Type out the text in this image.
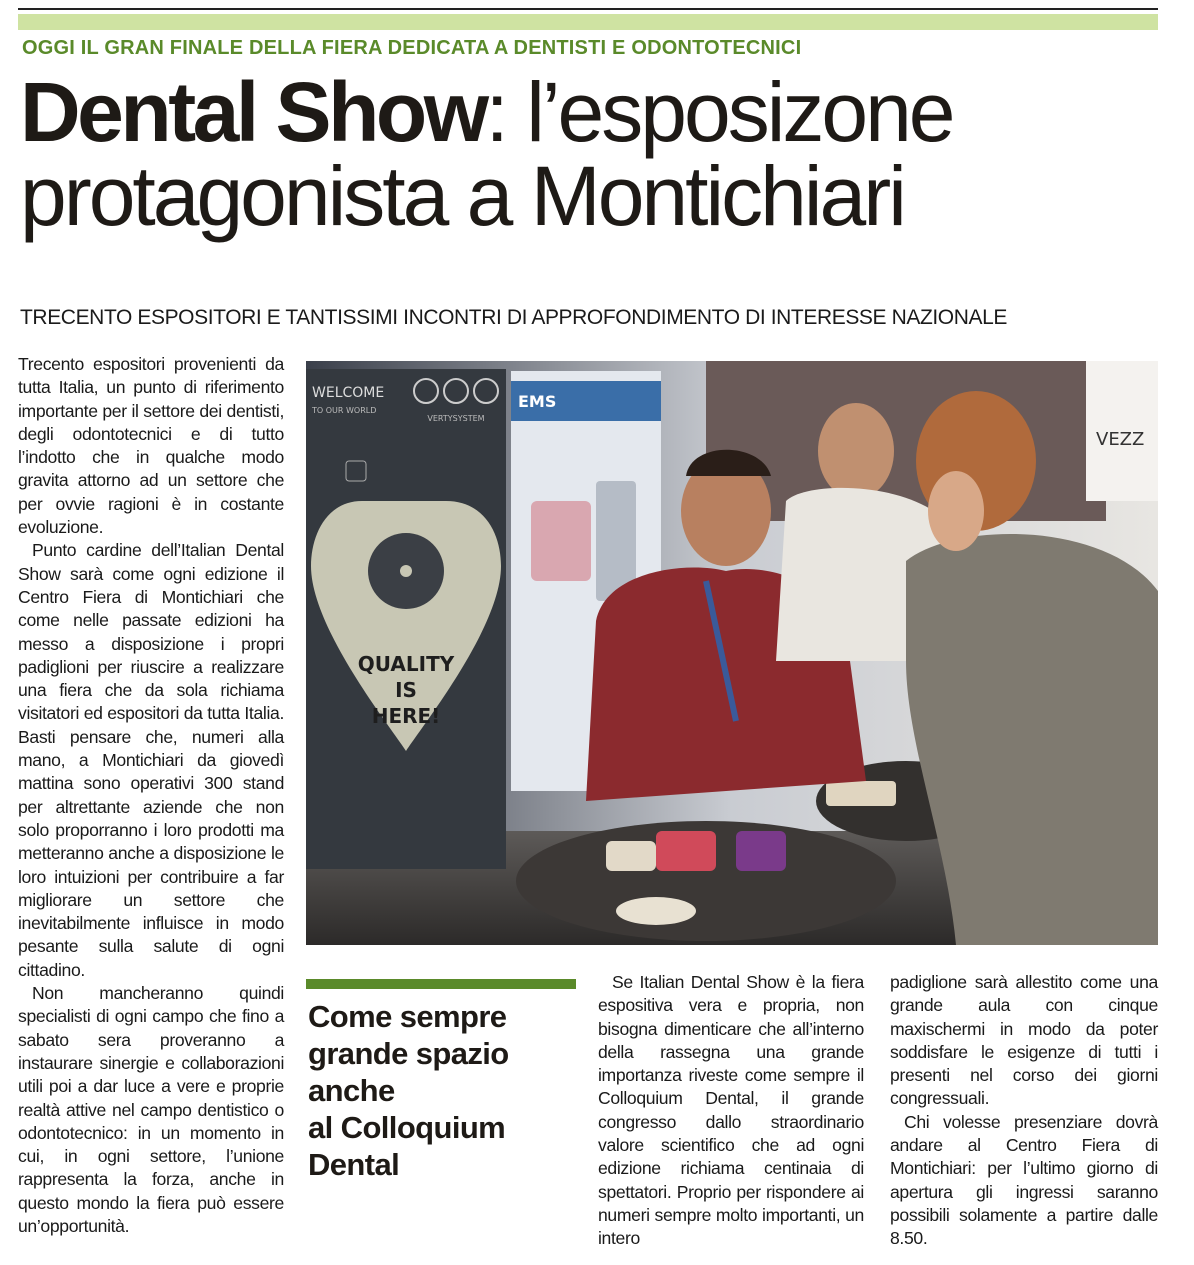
OGGI IL GRAN FINALE DELLA FIERA DEDICATA A DENTISTI E ODONTOTECNICI
Dental Show: l’esposizone
protagonista a Montichiari
TRECENTO ESPOSITORI E TANTISSIMI INCONTRI DI APPROFONDIMENTO DI INTERESSE NAZIONALE

Trecento espositori provenienti da tutta Italia, un punto di riferimento importante per il settore dei dentisti, degli odontotecnici e di tutto l’indotto che in qualche modo gravita attorno ad un settore che per ovvie ragioni è in costante evoluzione.

Punto cardine dell’Italian Dental Show sarà come ogni edizione il Centro Fiera di Montichiari che come nelle passate edizioni ha messo a disposizione i propri padiglioni per riuscire a realizzare una fiera che da sola richiama visitatori ed espositori da tutta Italia. Basti pensare che, numeri alla mano, a Montichiari da giovedì mattina sono operativi 300 stand per altrettante aziende che non solo proporranno i loro prodotti ma metteranno anche a disposizione le loro intuizioni per contribuire a far migliorare un settore che inevitabilmente influisce in modo pesante sulla salute di ogni cittadino.

Non mancheranno quindi specialisti di ogni campo che fino a sabato sera proveranno a instaurare sinergie e collaborazioni utili poi a dar luce a vere e proprie realtà attive nel campo dentistico o odontotecnico: in un momento in cui, in ogni settore, l’unione rappresenta la forza, anche in questo mondo la fiera può essere un’opportunità.

WELCOME
TO OUR WORLD
QUALITY
IS
HERE!
VERTYSYSTEM
EMS
VEZZ
Come sempre
grande spazio
anche
al Colloquium
Dental

Se Italian Dental Show è la fiera espositiva vera e propria, non bisogna dimenticare che all’interno della rassegna una grande importanza riveste come sempre il Colloquium Dental, il grande congresso dallo straordinario valore scientifico che ad ogni edizione richiama centinaia di spettatori. Proprio per rispondere ai numeri sempre molto importanti, un intero

padiglione sarà allestito come una grande aula con cinque maxischermi in modo da poter soddisfare le esigenze di tutti i presenti nel corso dei giorni congressuali.

Chi volesse presenziare dovrà andare al Centro Fiera di Montichiari: per l’ultimo giorno di apertura gli ingressi saranno possibili solamente a partire dalle 8.50.
